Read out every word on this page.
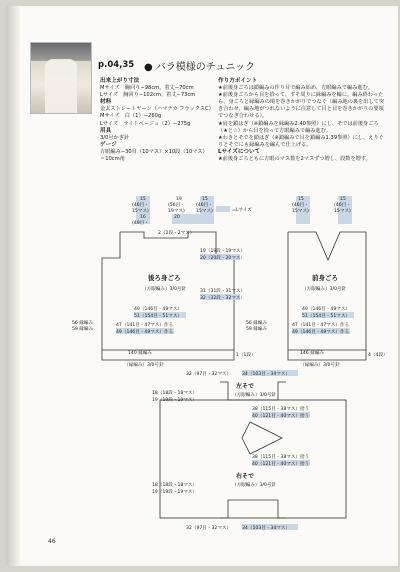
p.04,35 ● バラ模様のチュニック
出来上がり寸法
Mサイズ　胸回り−98cm、着丈−70cm
Lサイズ　胸回り−102cm、着丈−73cm
材料
金太ストレートヤーン（ハマナカ フラックスC）
Mサイズ　白（1）−260g
Lサイズ　ライトベージュ（2）−275g
用具
3/0号かぎ針
ゲージ
方眼編み−30目（10マス）×10段（10マス）
＝10cm角
作り方ポイント
★前後身ごろは鎖編みの作り目で編み始め、方眼編みで編み進む。
★前後身ごろから目を拾って、すそ周りに縁編みを輪に。編み終わったら、身ごろと縁編みの境を巻きかがりでつなぐ（編み地の裏を出して突き合わせ、編み地がつれないように注意して目と目を巻きかがりの要領でつなぎ合わせる）。
★肩を鎖はぎ（※鎖編みを縁編み2.40参照）にし、そでは前後身ごろ（★と☆）から目を拾って方眼編みで編み進む。
★わきとそでを鎖はぎ（※鎖編みで目を鎖編み1.39参照）にし、えりぐりとそでにも縁編みを編んで仕上げる。
Lサイズについて
★前後身ごろともに方眼のマス数を2マスずつ増し、段数を増す。
=Lサイズ
15
(46目・
15マス)
16
(49目・
19
(56目・
19マス)
20
15
(46目・
15マス)
2（2段・2マス）
後ろ身ごろ
（方眼編み）3/0号針
19（19段・19マス）
20（20段・20マス）
31（31段・31マス）
32（32段・32マス）
49（146目・49マス）
51（154目・51マス）
56 縁編み
59 縁編み
47（141目・47マス）作る
49（146目・49マス）作る
140 縁編み
（縁編み）3/0号針
1（1段）
15
(46目・
15マス)
15
(46目・
15マス)
前身ごろ
（方眼編み）3/0号針
49（146目・49マス）
51（154目・51マス）
56 縁編み
59 縁編み
47（141目・47マス）作る
49（146目・49マス）作る
146 縁編み
（縁編み）3/0号針
4（4段）
32（97目・32マス） 34（103目・34マス）
左そで
（方眼編み）3/0号針
18（18段・18マス）
19（19段・19マス）
38（115目・38マス）拾う
40（121目・40マス）拾う
38（115目・38マス）拾う
40（121目・40マス）拾う
18（18段・18マス）
19（19段・19マス）
右そで
（方眼編み）3/0号針
32（97目・32マス） 34（103目・34マス）
46
